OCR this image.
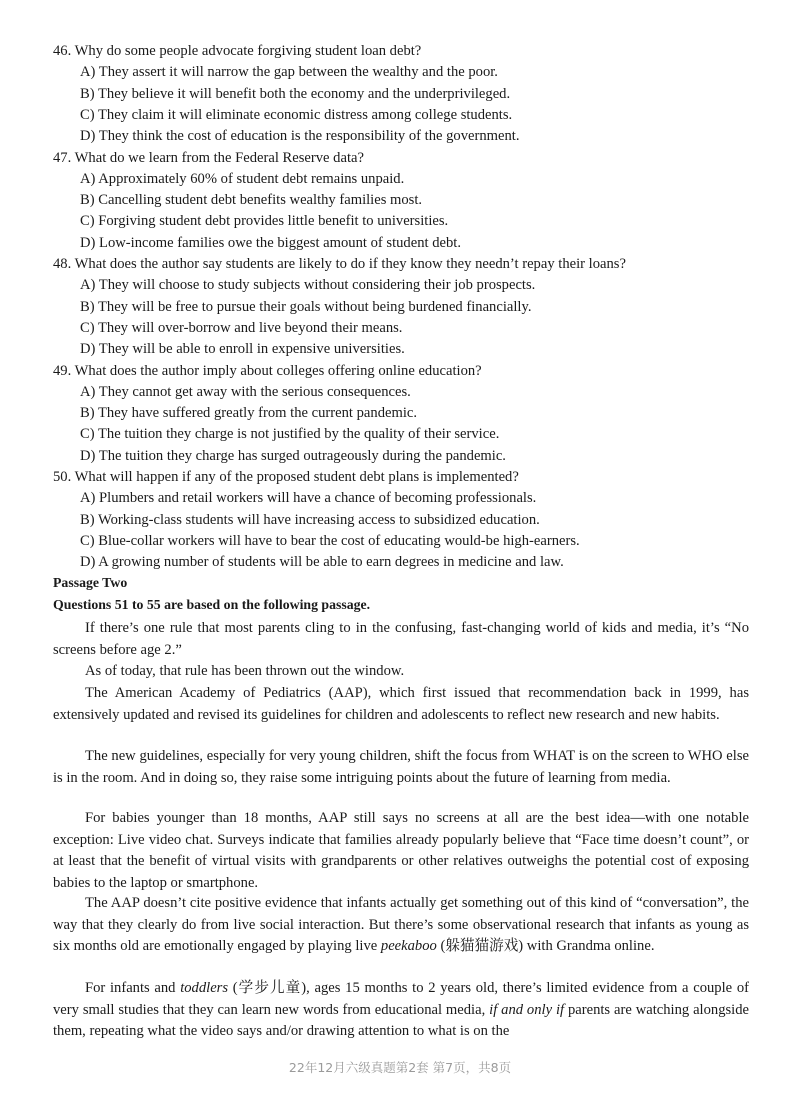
46. Why do some people advocate forgiving student loan debt?
A) They assert it will narrow the gap between the wealthy and the poor.
B) They believe it will benefit both the economy and the underprivileged.
C) They claim it will eliminate economic distress among college students.
D) They think the cost of education is the responsibility of the government.
47. What do we learn from the Federal Reserve data?
A) Approximately 60% of student debt remains unpaid.
B) Cancelling student debt benefits wealthy families most.
C) Forgiving student debt provides little benefit to universities.
D) Low-income families owe the biggest amount of student debt.
48. What does the author say students are likely to do if they know they needn’t repay their loans?
A) They will choose to study subjects without considering their job prospects.
B) They will be free to pursue their goals without being burdened financially.
C) They will over-borrow and live beyond their means.
D) They will be able to enroll in expensive universities.
49. What does the author imply about colleges offering online education?
A) They cannot get away with the serious consequences.
B) They have suffered greatly from the current pandemic.
C) The tuition they charge is not justified by the quality of their service.
D) The tuition they charge has surged outrageously during the pandemic.
50. What will happen if any of the proposed student debt plans is implemented?
A) Plumbers and retail workers will have a chance of becoming professionals.
B) Working-class students will have increasing access to subsidized education.
C) Blue-collar workers will have to bear the cost of educating would-be high-earners.
D) A growing number of students will be able to earn degrees in medicine and law.
Passage Two
Questions 51 to 55 are based on the following passage.

If there’s one rule that most parents cling to in the confusing, fast-changing world of kids and media, it’s “No screens before age 2.”

As of today, that rule has been thrown out the window.

The American Academy of Pediatrics (AAP), which first issued that recommendation back in 1999, has extensively updated and revised its guidelines for children and adolescents to reflect new research and new habits.

The new guidelines, especially for very young children, shift the focus from WHAT is on the screen to WHO else is in the room. And in doing so, they raise some intriguing points about the future of learning from media.

For babies younger than 18 months, AAP still says no screens at all are the best idea—with one notable exception: Live video chat. Surveys indicate that families already popularly believe that “Face time doesn’t count”, or at least that the benefit of virtual visits with grandparents or other relatives outweighs the potential cost of exposing babies to the laptop or smartphone.

The AAP doesn’t cite positive evidence that infants actually get something out of this kind of “conversation”, the way that they clearly do from live social interaction. But there’s some observational research that infants as young as six months old are emotionally engaged by playing live peekaboo (躲猫猫游戏) with Grandma online.

For infants and toddlers (学步儿童), ages 15 months to 2 years old, there’s limited evidence from a couple of very small studies that they can learn new words from educational media, if and only if parents are watching alongside them, repeating what the video says and/or drawing attention to what is on the

22年12月六级真题第2套 第7页，共8页
